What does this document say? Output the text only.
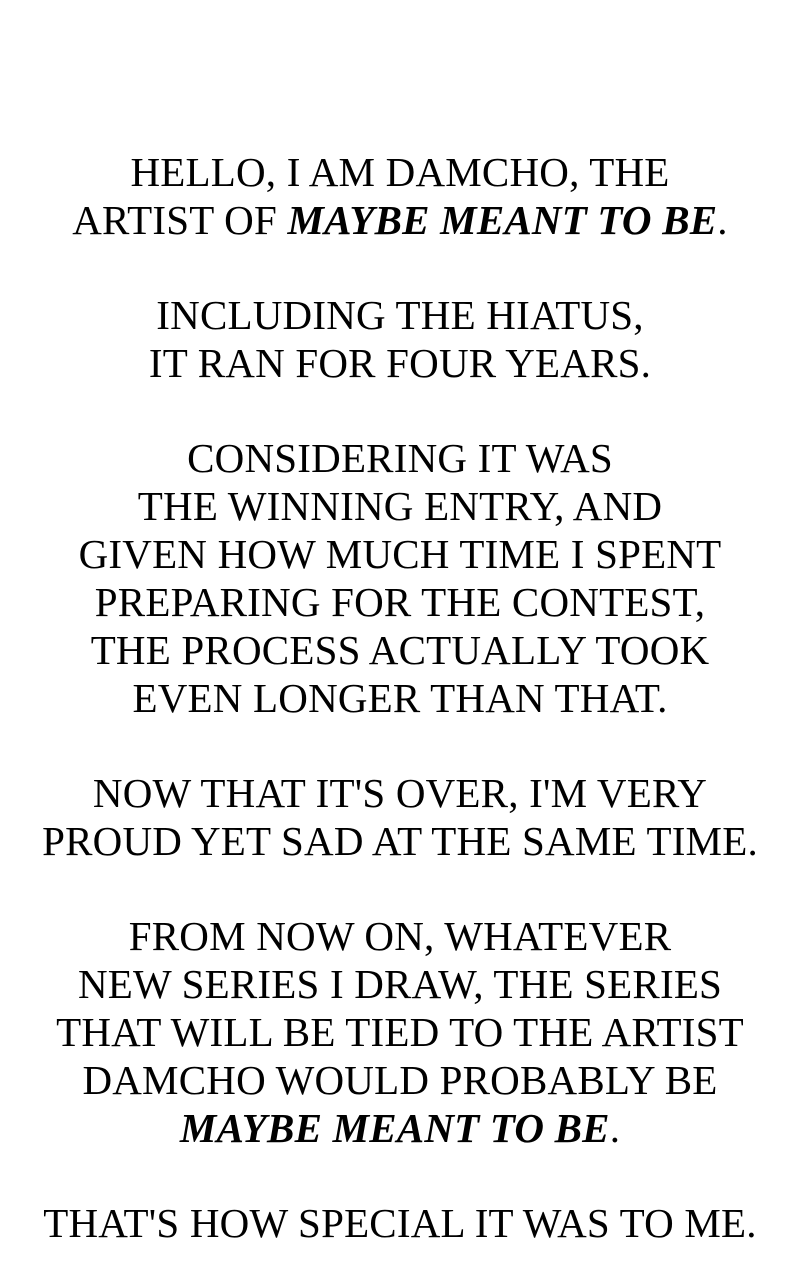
HELLO, I AM DAMCHO, THE
ARTIST OF MAYBE MEANT TO BE.
INCLUDING THE HIATUS,
IT RAN FOR FOUR YEARS.
CONSIDERING IT WAS
THE WINNING ENTRY, AND
GIVEN HOW MUCH TIME I SPENT
PREPARING FOR THE CONTEST,
THE PROCESS ACTUALLY TOOK
EVEN LONGER THAN THAT.
NOW THAT IT'S OVER, I'M VERY
PROUD YET SAD AT THE SAME TIME.
FROM NOW ON, WHATEVER
NEW SERIES I DRAW, THE SERIES
THAT WILL BE TIED TO THE ARTIST
DAMCHO WOULD PROBABLY BE
MAYBE MEANT TO BE.
THAT'S HOW SPECIAL IT WAS TO ME.
